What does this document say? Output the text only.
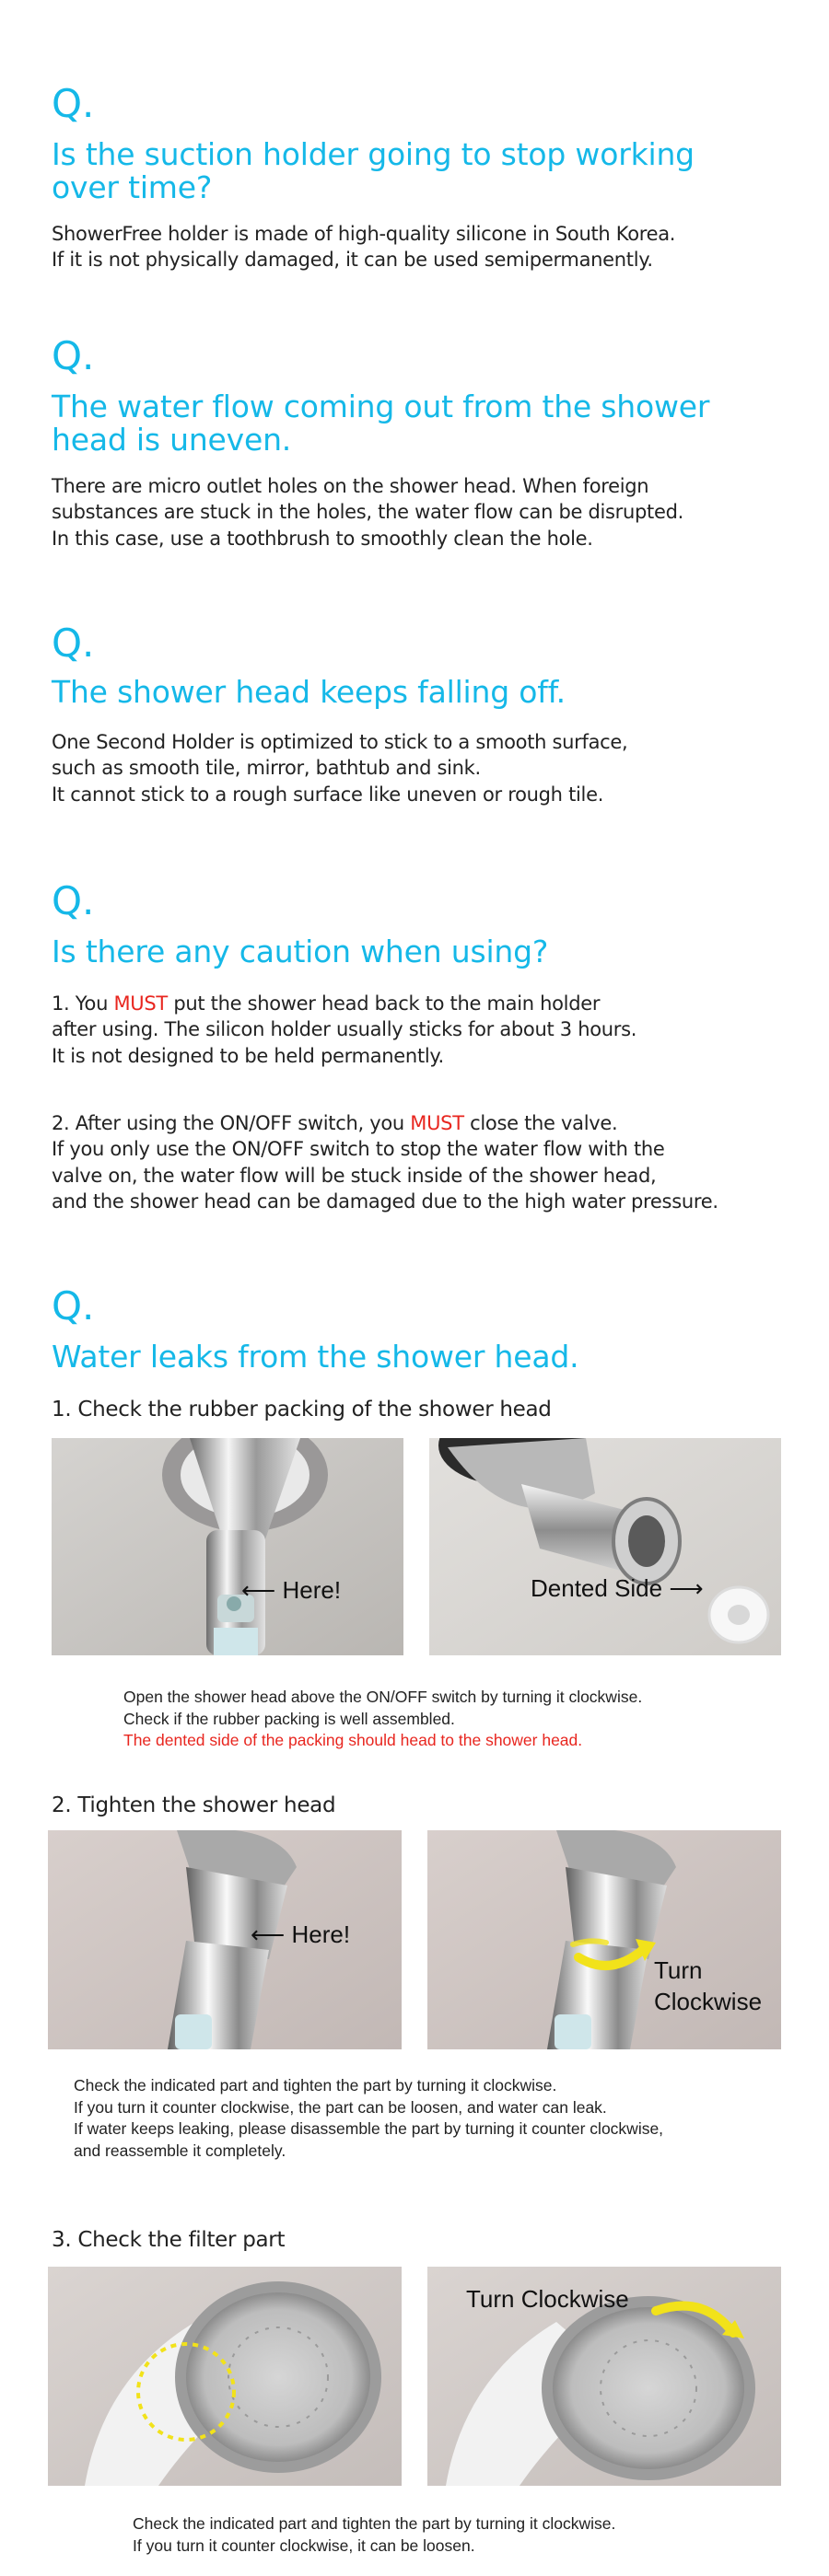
Q.
Is the suction holder going to stop working
over time?
ShowerFree holder is made of high-quality silicone in South Korea.
If it is not physically damaged, it can be used semipermanently.
Q.
The water flow coming out from the shower
head is uneven.
There are micro outlet holes on the shower head. When foreign
substances are stuck in the holes, the water flow can be disrupted.
In this case, use a toothbrush to smoothly clean the hole.
Q.
The shower head keeps falling off.
One Second Holder is optimized to stick to a smooth surface,
such as smooth tile, mirror, bathtub and sink.
It cannot stick to a rough surface like uneven or rough tile.
Q.
Is there any caution when using?
1. You MUST put the shower head back to the main holder
after using. The silicon holder usually sticks for about 3 hours.
It is not designed to be held permanently.
2. After using the ON/OFF switch, you MUST close the valve.
If you only use the ON/OFF switch to stop the water flow with the
valve on, the water flow will be stuck inside of the shower head,
and the shower head can be damaged due to the high water pressure.
Q.
Water leaks from the shower head.
1. Check the rubber packing of the shower head
⟵ Here!	Dented Side ⟶
Open the shower head above the ON/OFF switch by turning it clockwise.
Check if the rubber packing is well assembled.
The dented side of the packing should head to the shower head.
2. Tighten the shower head
⟵ Here!
Turn
Clockwise
Check the indicated part and tighten the part by turning it clockwise.
If you turn it counter clockwise, the part can be loosen, and water can leak.
If water keeps leaking, please disassemble the part by turning it counter clockwise,
and reassemble it completely.
3. Check the filter part
Turn Clockwise
Check the indicated part and tighten the part by turning it clockwise.
If you turn it counter clockwise, it can be loosen.
